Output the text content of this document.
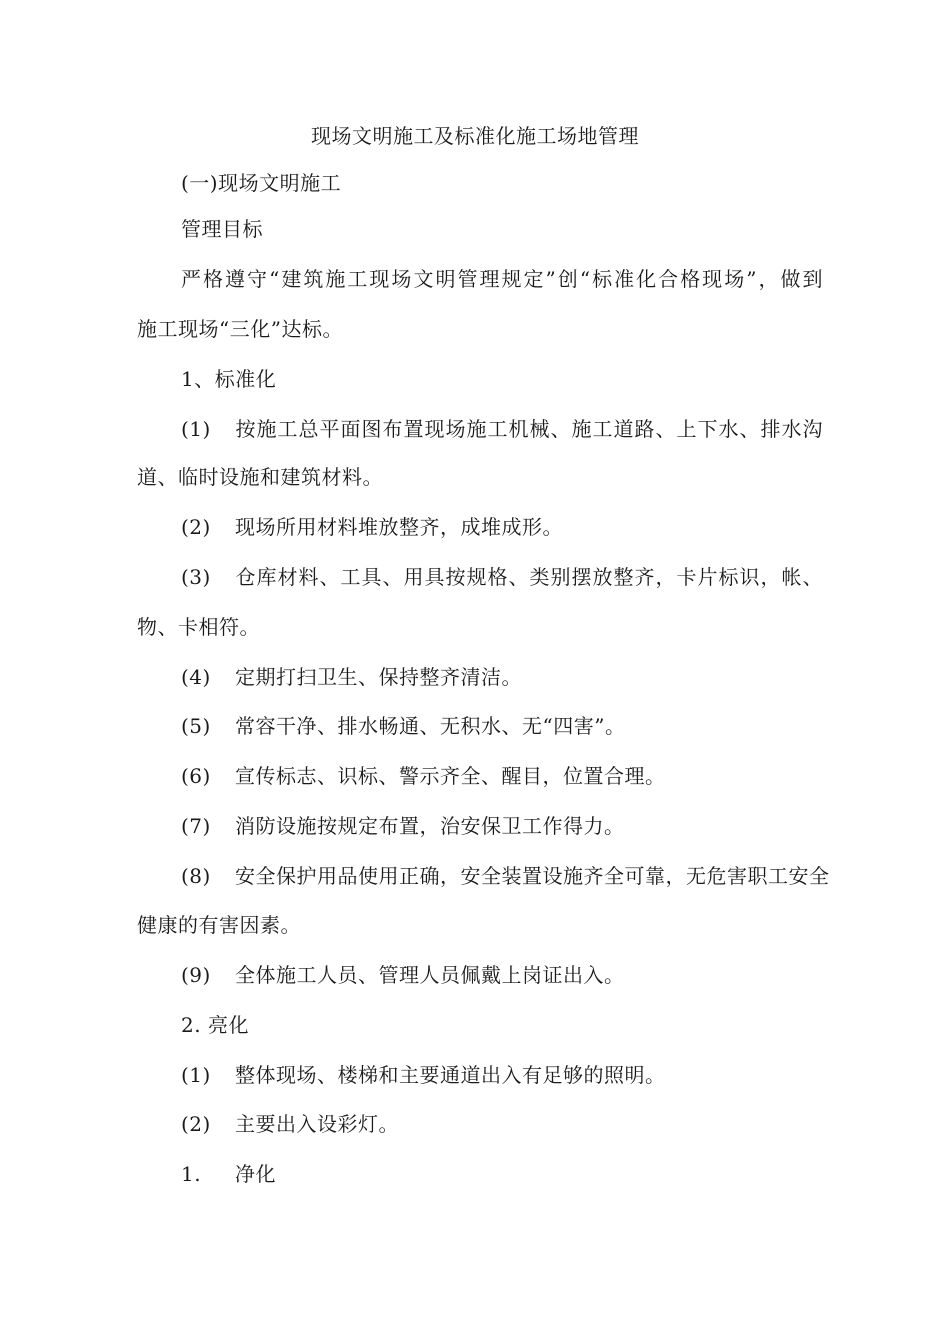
现场文明施工及标准化施工场地管理
(一)现场文明施工
管理目标
严格遵守“建筑施工现场文明管理规定”创“标准化合格现场”，做到
施工现场“三化”达标。
1、标准化
(1) 按施工总平面图布置现场施工机械、施工道路、上下水、排水沟
道、临时设施和建筑材料。
(2) 现场所用材料堆放整齐，成堆成形。
(3) 仓库材料、工具、用具按规格、类别摆放整齐，卡片标识，帐、
物、卡相符。
(4) 定期打扫卫生、保持整齐清洁。
(5) 常容干净、排水畅通、无积水、无“四害”。
(6) 宣传标志、识标、警示齐全、醒目，位置合理。
(7) 消防设施按规定布置，治安保卫工作得力。
(8) 安全保护用品使用正确，安全装置设施齐全可靠，无危害职工安全
健康的有害因素。
(9) 全体施工人员、管理人员佩戴上岗证出入。
2. 亮化
(1) 整体现场、楼梯和主要通道出入有足够的照明。
(2) 主要出入设彩灯。
1. 净化
